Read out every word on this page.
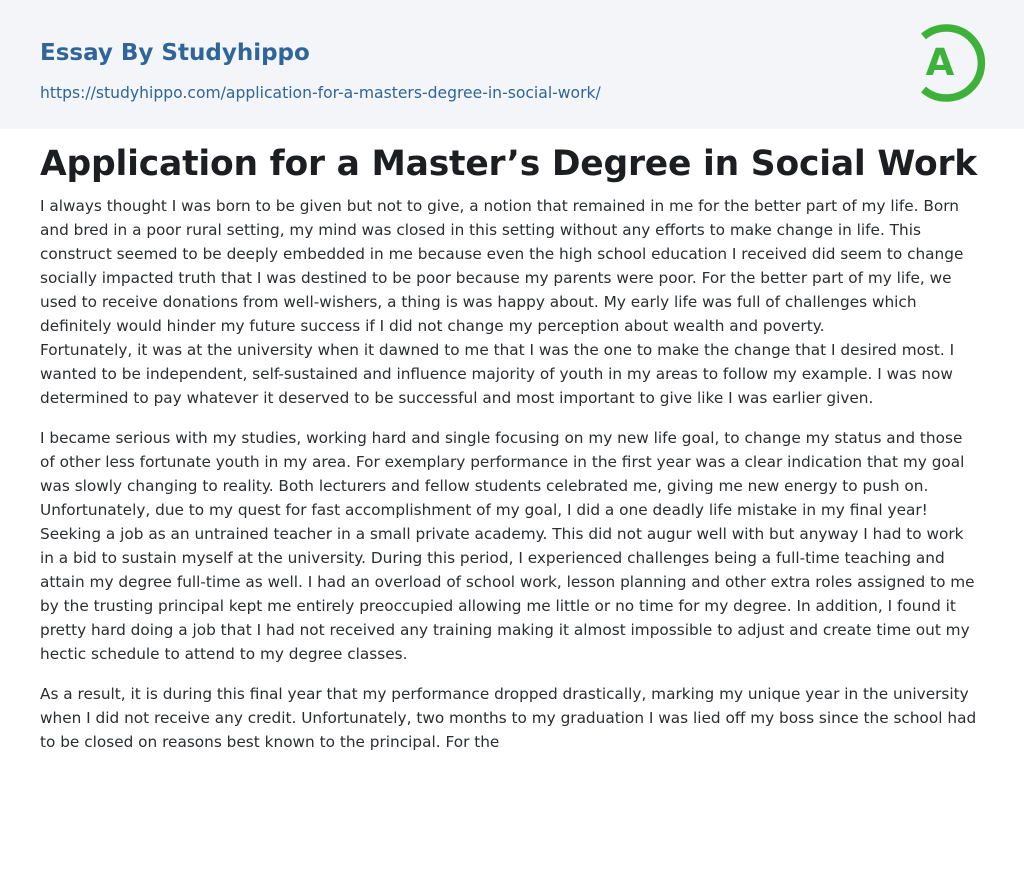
Essay By Studyhippo
https://studyhippo.com/application-for-a-masters-degree-in-social-work/
A
Application for a Master’s Degree in Social Work

I always thought I was born to be given but not to give, a notion that remained in me for the better part of my life. Born and bred in a poor rural setting, my mind was closed in this setting without any efforts to make change in life. This construct seemed to be deeply embedded in me because even the high school education I received did seem to change socially impacted truth that I was destined to be poor because my parents were poor. For the better part of my life, we used to receive donations from well-wishers, a thing is was happy about. My early life was full of challenges which definitely would hinder my future success if I did not change my perception about wealth and poverty.

Fortunately, it was at the university when it dawned to me that I was the one to make the change that I desired most. I wanted to be independent, self-sustained and influence majority of youth in my areas to follow my example. I was now determined to pay whatever it deserved to be successful and most important to give like I was earlier given.

I became serious with my studies, working hard and single focusing on my new life goal, to change my status and those of other less fortunate youth in my area. For exemplary performance in the first year was a clear indication that my goal was slowly changing to reality. Both lecturers and fellow students celebrated me, giving me new energy to push on. Unfortunately, due to my quest for fast accomplishment of my goal, I did a one deadly life mistake in my final year! Seeking a job as an untrained teacher in a small private academy. This did not augur well with but anyway I had to work in a bid to sustain myself at the university. During this period, I experienced challenges being a full-time teaching and attain my degree full-time as well. I had an overload of school work, lesson planning and other extra roles assigned to me by the trusting principal kept me entirely preoccupied allowing me little or no time for my degree. In addition, I found it pretty hard doing a job that I had not received any training making it almost impossible to adjust and create time out my hectic schedule to attend to my degree classes.

As a result, it is during this final year that my performance dropped drastically, marking my unique year in the university when I did not receive any credit. Unfortunately, two months to my graduation I was lied off my boss since the school had to be closed on reasons best known to the principal. For the
